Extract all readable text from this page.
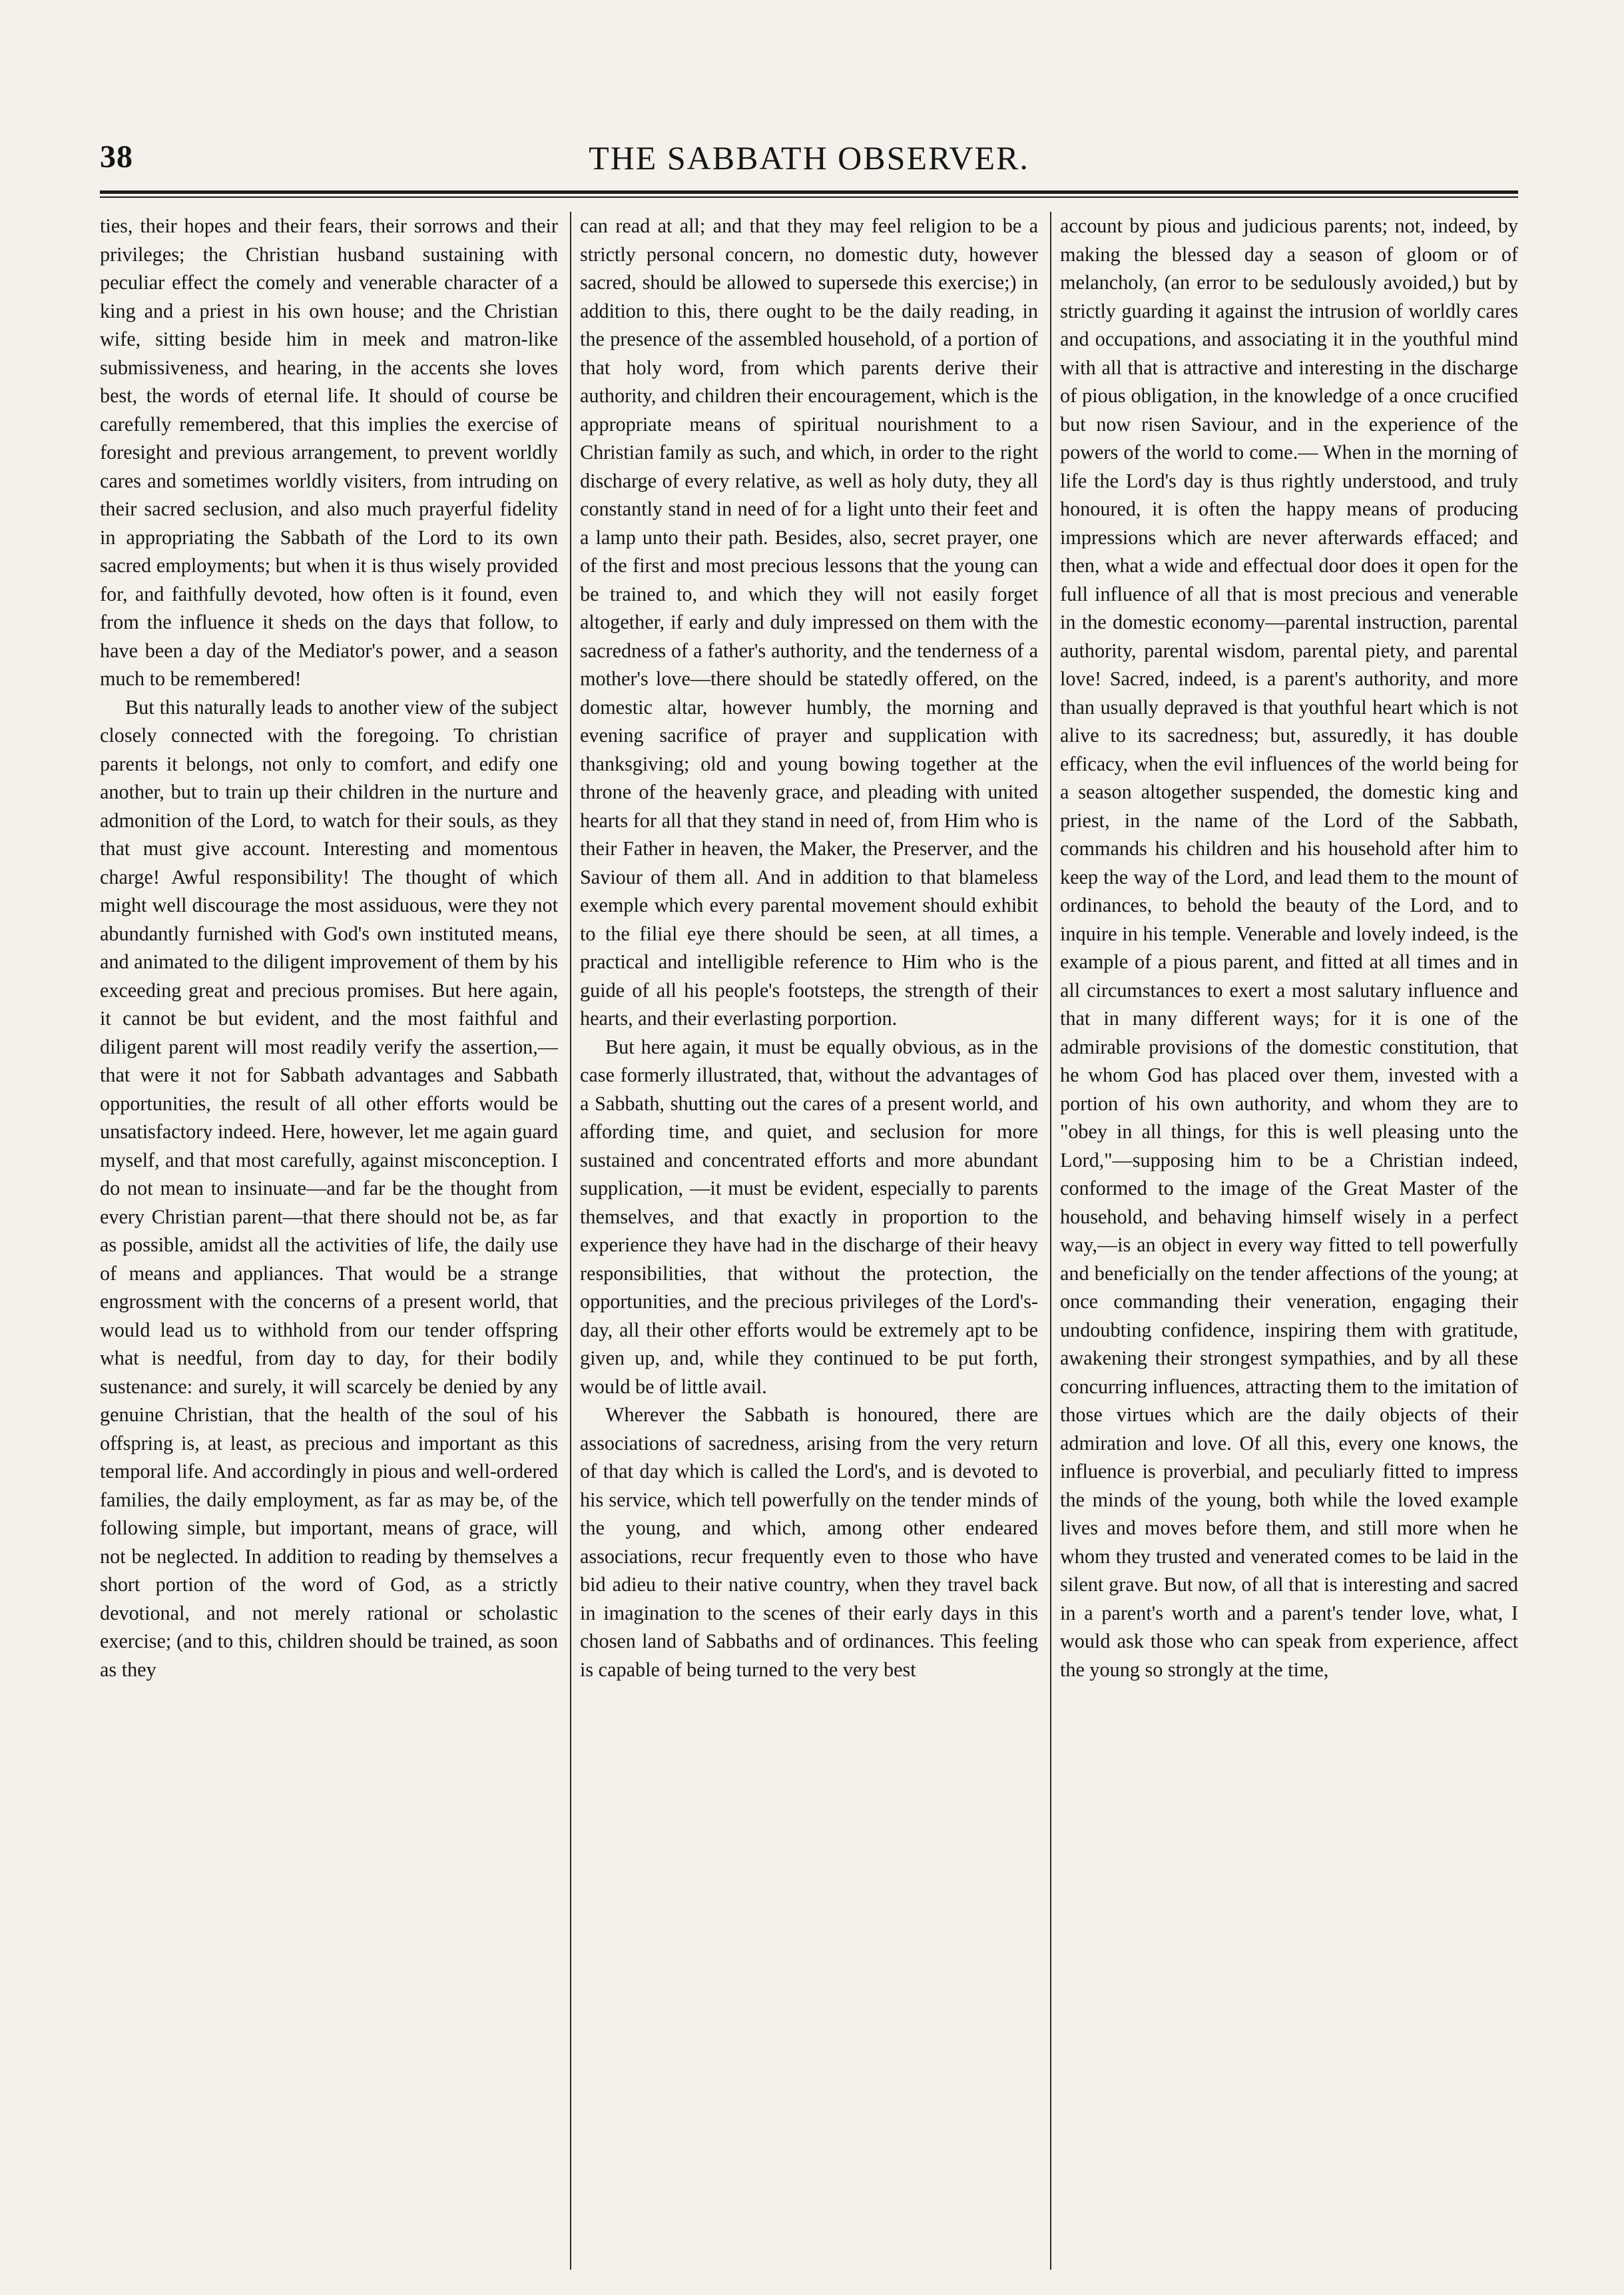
38	THE SABBATH OBSERVER.

ties, their hopes and their fears, their sorrows and their privileges; the Christian husband sustaining with peculiar effect the comely and venerable character of a king and a priest in his own house; and the Christian wife, sitting beside him in meek and matron-like submissiveness, and hearing, in the accents she loves best, the words of eternal life. It should of course be carefully remembered, that this implies the exercise of foresight and previous arrangement, to prevent worldly cares and sometimes worldly visiters, from intruding on their sacred seclusion, and also much prayerful fidelity in appropriating the Sabbath of the Lord to its own sacred employments; but when it is thus wisely provided for, and faithfully devoted, how often is it found, even from the influence it sheds on the days that follow, to have been a day of the Mediator's power, and a season much to be remembered!

But this naturally leads to another view of the subject closely connected with the foregoing. To christian parents it belongs, not only to comfort, and edify one another, but to train up their children in the nurture and admonition of the Lord, to watch for their souls, as they that must give account. Interesting and momentous charge! Awful responsibility! The thought of which might well discourage the most assiduous, were they not abundantly furnished with God's own instituted means, and animated to the diligent improvement of them by his exceeding great and precious promises. But here again, it cannot be but evident, and the most faithful and diligent parent will most readily verify the assertion,—that were it not for Sabbath advantages and Sabbath opportunities, the result of all other efforts would be unsatisfactory indeed. Here, however, let me again guard myself, and that most carefully, against misconception. I do not mean to insinuate—and far be the thought from every Christian parent—that there should not be, as far as possible, amidst all the activities of life, the daily use of means and appliances. That would be a strange engrossment with the concerns of a present world, that would lead us to withhold from our tender offspring what is needful, from day to day, for their bodily sustenance: and surely, it will scarcely be denied by any genuine Christian, that the health of the soul of his offspring is, at least, as precious and important as this temporal life. And accordingly in pious and well-ordered families, the daily employment, as far as may be, of the following simple, but important, means of grace, will not be neglected. In addition to reading by themselves a short portion of the word of God, as a strictly devotional, and not merely rational or scholastic exercise; (and to this, children should be trained, as soon as they

can read at all; and that they may feel religion to be a strictly personal concern, no domestic duty, however sacred, should be allowed to supersede this exercise;) in addition to this, there ought to be the daily reading, in the presence of the assembled household, of a portion of that holy word, from which parents derive their authority, and children their encouragement, which is the appropriate means of spiritual nourishment to a Christian family as such, and which, in order to the right discharge of every relative, as well as holy duty, they all constantly stand in need of for a light unto their feet and a lamp unto their path. Besides, also, secret prayer, one of the first and most precious lessons that the young can be trained to, and which they will not easily forget altogether, if early and duly impressed on them with the sacredness of a father's authority, and the tenderness of a mother's love—there should be statedly offered, on the domestic altar, however humbly, the morning and evening sacrifice of prayer and supplication with thanksgiving; old and young bowing together at the throne of the heavenly grace, and pleading with united hearts for all that they stand in need of, from Him who is their Father in heaven, the Maker, the Preserver, and the Saviour of them all. And in addition to that blameless exemple which every parental movement should exhibit to the filial eye there should be seen, at all times, a practical and intelligible reference to Him who is the guide of all his people's footsteps, the strength of their hearts, and their everlasting porportion.

But here again, it must be equally obvious, as in the case formerly illustrated, that, without the advantages of a Sabbath, shutting out the cares of a present world, and affording time, and quiet, and seclusion for more sustained and concentrated efforts and more abundant supplication, —it must be evident, especially to parents themselves, and that exactly in proportion to the experience they have had in the discharge of their heavy responsibilities, that without the protection, the opportunities, and the precious privileges of the Lord's-day, all their other efforts would be extremely apt to be given up, and, while they continued to be put forth, would be of little avail.

Wherever the Sabbath is honoured, there are associations of sacredness, arising from the very return of that day which is called the Lord's, and is devoted to his service, which tell powerfully on the tender minds of the young, and which, among other endeared associations, recur frequently even to those who have bid adieu to their native country, when they travel back in imagination to the scenes of their early days in this chosen land of Sabbaths and of ordinances. This feeling is capable of being turned to the very best

account by pious and judicious parents; not, indeed, by making the blessed day a season of gloom or of melancholy, (an error to be sedulously avoided,) but by strictly guarding it against the intrusion of worldly cares and occupations, and associating it in the youthful mind with all that is attractive and interesting in the discharge of pious obligation, in the knowledge of a once crucified but now risen Saviour, and in the experience of the powers of the world to come.— When in the morning of life the Lord's day is thus rightly understood, and truly honoured, it is often the happy means of producing impressions which are never afterwards effaced; and then, what a wide and effectual door does it open for the full influence of all that is most precious and venerable in the domestic economy—parental instruction, parental authority, parental wisdom, parental piety, and parental love! Sacred, indeed, is a parent's authority, and more than usually depraved is that youthful heart which is not alive to its sacredness; but, assuredly, it has double efficacy, when the evil influences of the world being for a season altogether suspended, the domestic king and priest, in the name of the Lord of the Sabbath, commands his children and his household after him to keep the way of the Lord, and lead them to the mount of ordinances, to behold the beauty of the Lord, and to inquire in his temple. Venerable and lovely indeed, is the example of a pious parent, and fitted at all times and in all circumstances to exert a most salutary influence and that in many different ways; for it is one of the admirable provisions of the domestic constitution, that he whom God has placed over them, invested with a portion of his own authority, and whom they are to "obey in all things, for this is well pleasing unto the Lord,"—supposing him to be a Christian indeed, conformed to the image of the Great Master of the household, and behaving himself wisely in a perfect way,—is an object in every way fitted to tell powerfully and beneficially on the tender affections of the young; at once commanding their veneration, engaging their undoubting confidence, inspiring them with gratitude, awakening their strongest sympathies, and by all these concurring influences, attracting them to the imitation of those virtues which are the daily objects of their admiration and love. Of all this, every one knows, the influence is proverbial, and peculiarly fitted to impress the minds of the young, both while the loved example lives and moves before them, and still more when he whom they trusted and venerated comes to be laid in the silent grave. But now, of all that is interesting and sacred in a parent's worth and a parent's tender love, what, I would ask those who can speak from experience, affect the young so strongly at the time,
